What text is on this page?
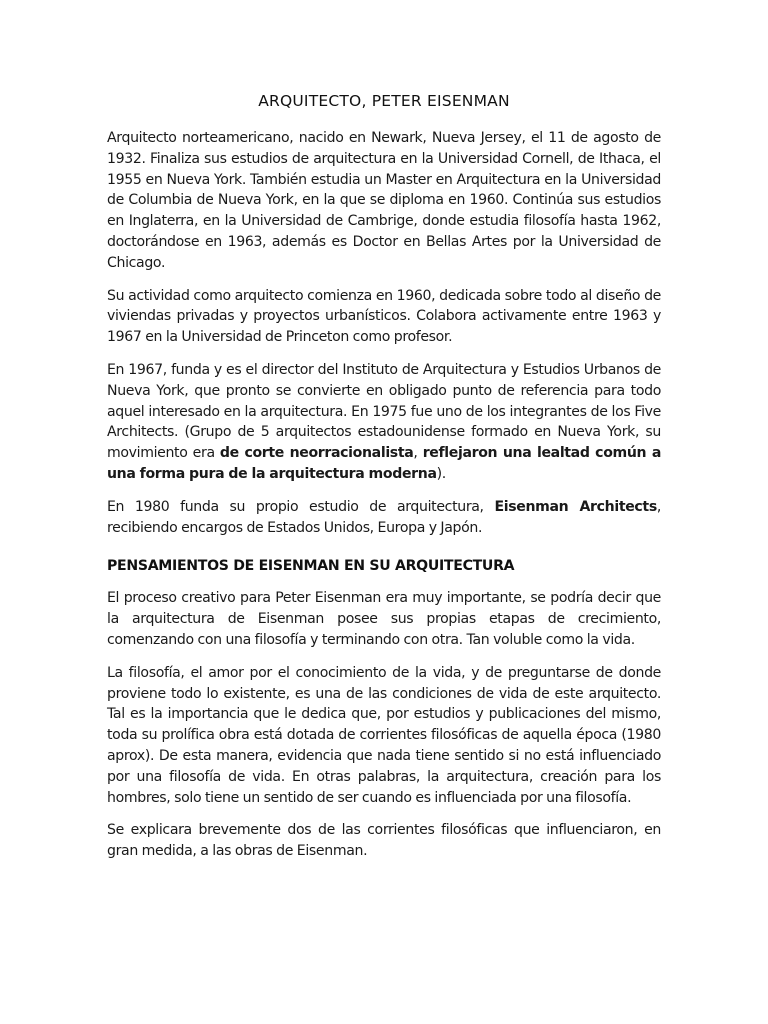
ARQUITECTO, PETER EISENMAN

Arquitecto norteamericano, nacido en Newark, Nueva Jersey, el 11 de agosto de 1932. Finaliza sus estudios de arquitectura en la Universidad Cornell, de Ithaca, el 1955 en Nueva York. También estudia un Master en Arquitectura en la Universidad de Columbia de Nueva York, en la que se diploma en 1960. Continúa sus estudios en Inglaterra, en la Universidad de Cambrige, donde estudia filosofía hasta 1962, doctorándose en 1963, además es Doctor en Bellas Artes por la Universidad de Chicago.

Su actividad como arquitecto comienza en 1960, dedicada sobre todo al diseño de viviendas privadas y proyectos urbanísticos. Colabora activamente entre 1963 y 1967 en la Universidad de Princeton como profesor.

En 1967, funda y es el director del Instituto de Arquitectura y Estudios Urbanos de Nueva York, que pronto se convierte en obligado punto de referencia para todo aquel interesado en la arquitectura. En 1975 fue uno de los integrantes de los Five Architects. (Grupo de 5 arquitectos estadounidense formado en Nueva York, su movimiento era de corte neorracionalista, reflejaron una lealtad común a una forma pura de la arquitectura moderna).

En 1980 funda su propio estudio de arquitectura, Eisenman Architects, recibiendo encargos de Estados Unidos, Europa y Japón.

PENSAMIENTOS DE EISENMAN EN SU ARQUITECTURA

El proceso creativo para Peter Eisenman era muy importante, se podría decir que la arquitectura de Eisenman posee sus propias etapas de crecimiento, comenzando con una filosofía y terminando con otra. Tan voluble como la vida.

La filosofía, el amor por el conocimiento de la vida, y de preguntarse de donde proviene todo lo existente, es una de las condiciones de vida de este arquitecto. Tal es la importancia que le dedica que, por estudios y publicaciones del mismo, toda su prolífica obra está dotada de corrientes filosóficas de aquella época (1980 aprox). De esta manera, evidencia que nada tiene sentido si no está influenciado por una filosofía de vida. En otras palabras, la arquitectura, creación para los hombres, solo tiene un sentido de ser cuando es influenciada por una filosofía.

Se explicara brevemente dos de las corrientes filosóficas que influenciaron, en gran medida, a las obras de Eisenman.
